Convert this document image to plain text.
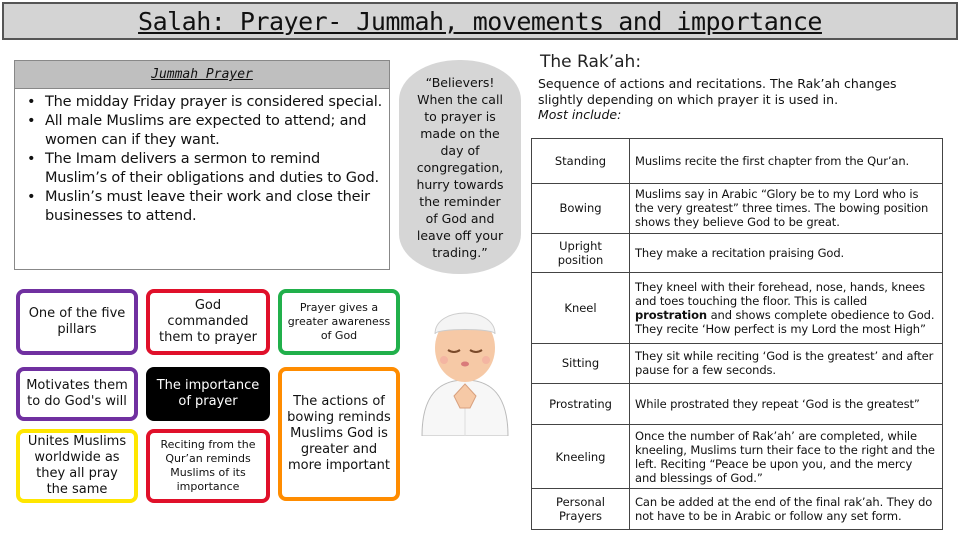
Salah: Prayer- Jummah, movements and importance
Jummah Prayer
• The midday Friday prayer is considered special.
• All male Muslims are expected to attend; and women can if they want.
• The Imam delivers a sermon to remind Muslim’s of their obligations and duties to God.
• Muslin’s must leave their work and close their businesses to attend.
“Believers! When the call to prayer is made on the day of congregation, hurry towards the reminder of God and leave off your trading.”
One of the five pillars
God commanded them to prayer
Prayer gives a greater awareness of God
Motivates them to do God's will
The importance of prayer	The actions of bowing reminds Muslims God is greater and more important
Unites Muslims worldwide as they all pray the same
Reciting from the Qur’an reminds Muslims of its importance
The Rak’ah:
Sequence of actions and recitations. The Rak’ah changes slightly depending on which prayer it is used in.
Most include:
Standing	Muslims recite the first chapter from the Qur’an.
Bowing	Muslims say in Arabic “Glory be to my Lord who is the very greatest” three times. The bowing position shows they believe God to be great.
Upright position	They make a recitation praising God.
Kneel	They kneel with their forehead, nose, hands, knees and toes touching the floor. This is called prostration and shows complete obedience to God. They recite ‘How perfect is my Lord the most High”
Sitting	They sit while reciting ‘God is the greatest’ and after pause for a few seconds.
Prostrating	While prostrated they repeat ‘God is the greatest”
Kneeling	Once the number of Rak’ah’ are completed, while kneeling, Muslims turn their face to the right and the left. Reciting “Peace be upon you, and the mercy and blessings of God.”
Personal Prayers	Can be added at the end of the final rak’ah. They do not have to be in Arabic or follow any set form.
